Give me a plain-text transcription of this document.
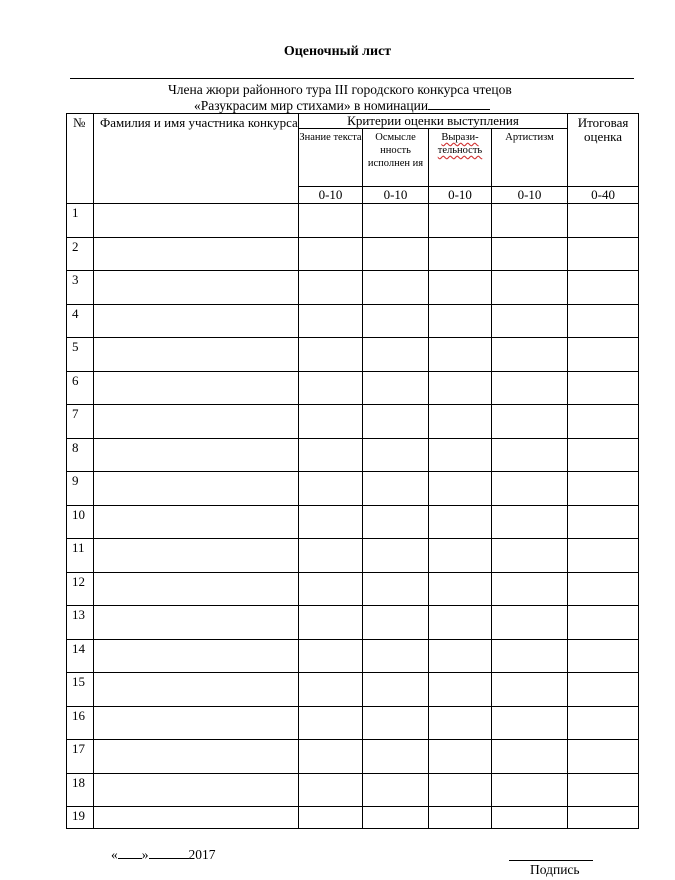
Оценочный лист
Члена жюри районного тура III городского конкурса чтецов
«Разукрасим мир стихами» в номинации
№	Фамилия и имя участника конкурса	Критерии оценки выступления				Итоговая оценка
		Знание текста	Осмысле нность исполнен ия	Вырази-тельность	Артистизм	
		0-10	0-10	0-10	0-10	0-40
1						
2						
3						
4						
5						
6						
7						
8						
9						
10						
11						
12						
13						
14						
15						
16						
17						
18						
19						
« »	2017
Подпись
